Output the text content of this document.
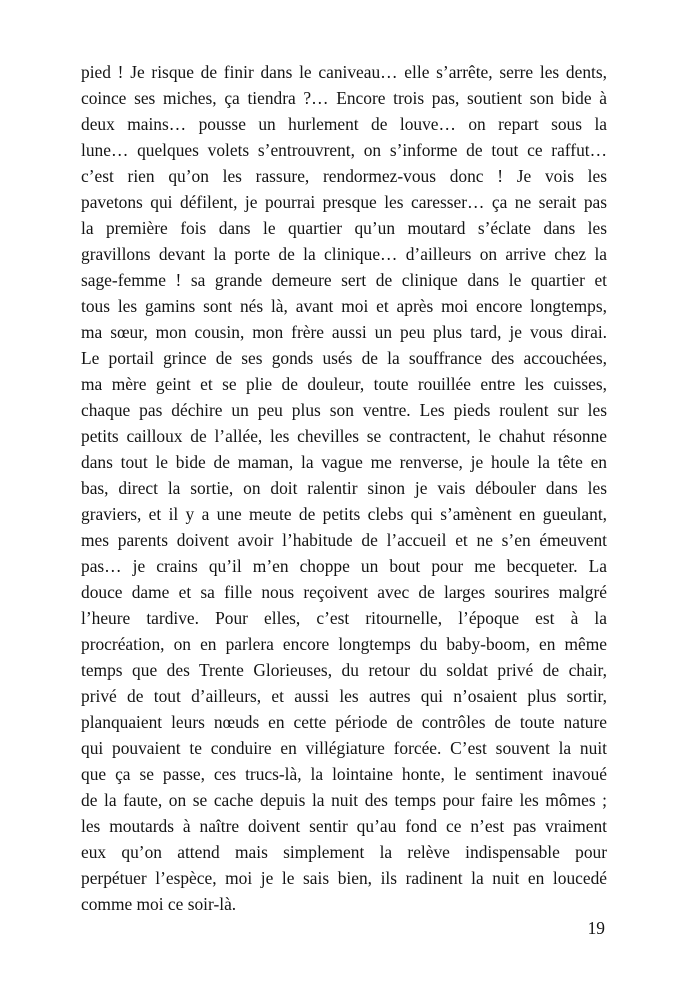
pied ! Je risque de finir dans le caniveau… elle s’arrête, serre les dents,
coince ses miches, ça tiendra ?… Encore trois pas, soutient son bide à
deux mains… pousse un hurlement de louve… on repart sous la
lune… quelques volets s’entrouvrent, on s’informe de tout ce raffut…
c’est rien qu’on les rassure, rendormez-vous donc ! Je vois les
pavetons qui défilent, je pourrai presque les caresser… ça ne serait pas
la première fois dans le quartier qu’un moutard s’éclate dans les
gravillons devant la porte de la clinique… d’ailleurs on arrive chez la
sage-femme ! sa grande demeure sert de clinique dans le quartier et
tous les gamins sont nés là, avant moi et après moi encore longtemps,
ma sœur, mon cousin, mon frère aussi un peu plus tard, je vous dirai.
Le portail grince de ses gonds usés de la souffrance des accouchées,
ma mère geint et se plie de douleur, toute rouillée entre les cuisses,
chaque pas déchire un peu plus son ventre. Les pieds roulent sur les
petits cailloux de l’allée, les chevilles se contractent, le chahut résonne
dans tout le bide de maman, la vague me renverse, je houle la tête en
bas, direct la sortie, on doit ralentir sinon je vais débouler dans les
graviers, et il y a une meute de petits clebs qui s’amènent en gueulant,
mes parents doivent avoir l’habitude de l’accueil et ne s’en émeuvent
pas… je crains qu’il m’en choppe un bout pour me becqueter. La
douce dame et sa fille nous reçoivent avec de larges sourires malgré
l’heure tardive. Pour elles, c’est ritournelle, l’époque est à la
procréation, on en parlera encore longtemps du baby-boom, en même
temps que des Trente Glorieuses, du retour du soldat privé de chair,
privé de tout d’ailleurs, et aussi les autres qui n’osaient plus sortir,
planquaient leurs nœuds en cette période de contrôles de toute nature
qui pouvaient te conduire en villégiature forcée. C’est souvent la nuit
que ça se passe, ces trucs-là, la lointaine honte, le sentiment inavoué
de la faute, on se cache depuis la nuit des temps pour faire les mômes ;
les moutards à naître doivent sentir qu’au fond ce n’est pas vraiment
eux qu’on attend mais simplement la relève indispensable pour
perpétuer l’espèce, moi je le sais bien, ils radinent la nuit en loucedé
comme moi ce soir-là.
19
